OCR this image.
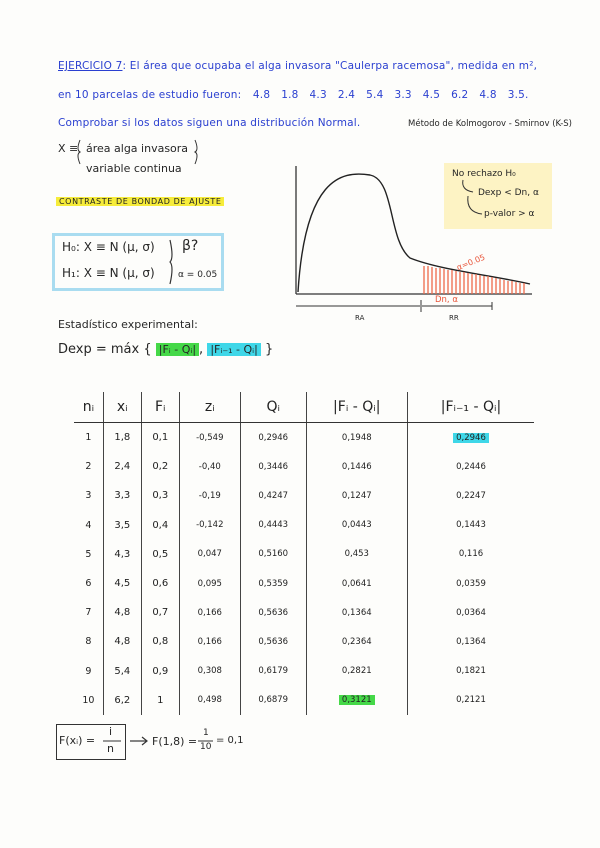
EJERCICIO 7: El área que ocupaba el alga invasora "Caulerpa racemosa", medida en m²,
en 10 parcelas de estudio fueron: 4.8 1.8 4.3 2.4 5.4 3.3 4.5 6.2 4.8 3.5.
Comprobar si los datos siguen una distribución Normal.	Método de Kolmogorov - Smirnov (K-S)
X ≡ área alga invasora
variable continua
CONTRASTE DE BONDAD DE AJUSTE
H₀: X ≡ N (μ, σ)
H₁: X ≡ N (μ, σ)
β?
α = 0.05
No rechazo H₀
Dexp < Dn, α
p-valor > α
α=0.05
Dn, α
RA	RR
Estadístico experimental:
Dexp = máx { |Fᵢ - Qᵢ| , |Fᵢ₋₁ - Qᵢ| }
nᵢ	xᵢ	Fᵢ	zᵢ	Qᵢ	|Fᵢ - Qᵢ|	|Fᵢ₋₁ - Qᵢ|
1	1,8	0,1	-0,549	0,2946	0,1948	0,2946
2	2,4	0,2	-0,40	0,3446	0,1446	0,2446
3	3,3	0,3	-0,19	0,4247	0,1247	0,2247
4	3,5	0,4	-0,142	0,4443	0,0443	0,1443
5	4,3	0,5	0,047	0,5160	0,453	0,116
6	4,5	0,6	0,095	0,5359	0,0641	0,0359
7	4,8	0,7	0,166	0,5636	0,1364	0,0364
8	4,8	0,8	0,166	0,5636	0,2364	0,1364
9	5,4	0,9	0,308	0,6179	0,2821	0,1821
10	6,2	1	0,498	0,6879	0,3121	0,2121
F(xᵢ) =
i
n
F(1,8) =
1
10
= 0,1
